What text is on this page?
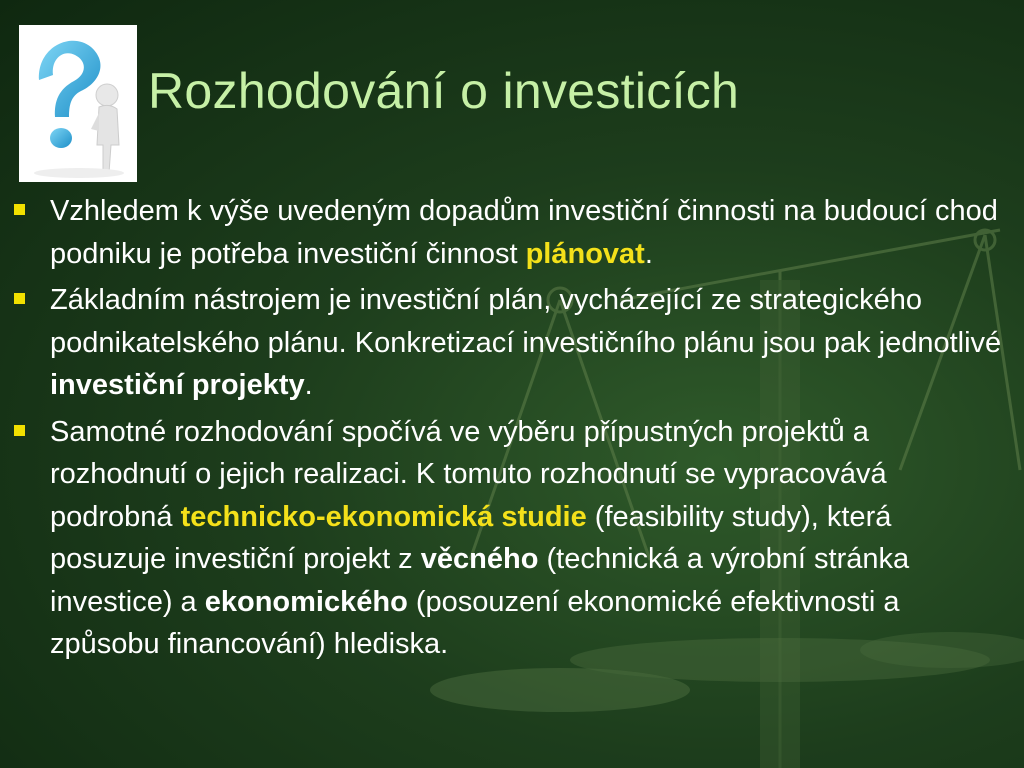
Rozhodování o investicích

Vzhledem k výše uvedeným dopadům investiční činnosti na budoucí chod podniku je potřeba investiční činnost plánovat.

Základním nástrojem je investiční plán, vycházející ze strategického podnikatelského plánu. Konkretizací investičního plánu jsou pak jednotlivé investiční projekty.

Samotné rozhodování spočívá ve výběru přípustných projektů a rozhodnutí o jejich realizaci. K tomuto rozhodnutí se vypracovává podrobná technicko-ekonomická studie (feasibility study), která posuzuje investiční projekt z věcného (technická a výrobní stránka investice) a ekonomického (posouzení ekonomické efektivnosti a způsobu financování) hlediska.
